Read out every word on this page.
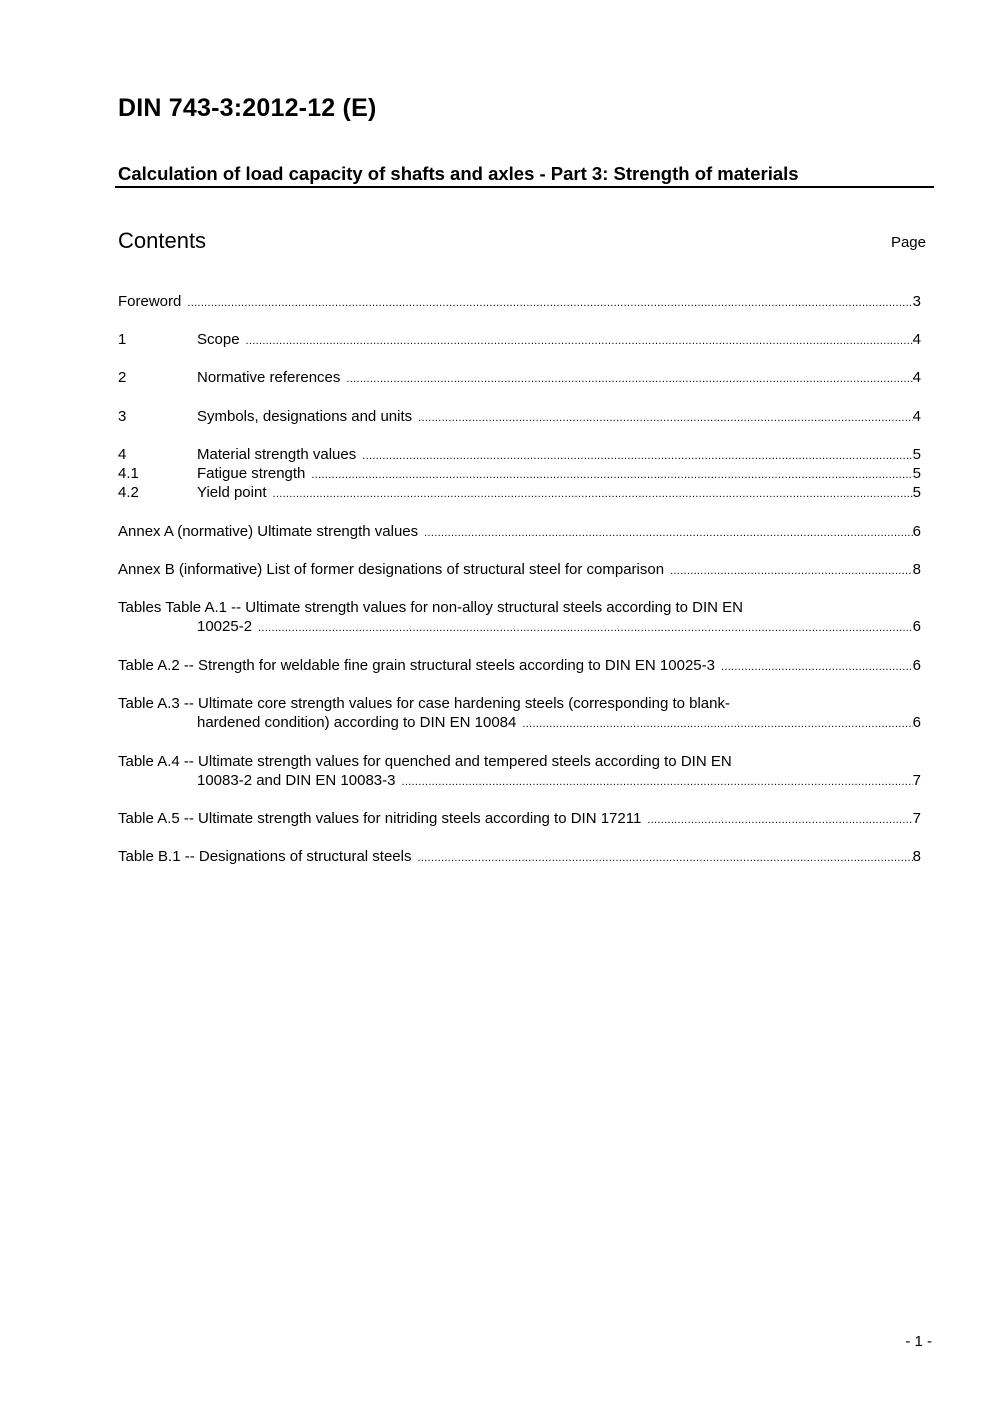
DIN 743-3:2012-12 (E)
Calculation of load capacity of shafts and axles - Part 3: Strength of materials
Contents	Page
Foreword .....	3
1	Scope .....	4
2	Normative references .....	4
3	Symbols, designations and units .....	4
4	Material strength values .....	5
4.1	Fatigue strength .....	5
4.2	Yield point .....	5
Annex A (normative) Ultimate strength values .....	6
Annex B (informative) List of former designations of structural steel for comparison .....	8
Tables Table A.1 -- Ultimate strength values for non-alloy structural steels according to DIN EN
10025-2 .....	6
Table A.2 -- Strength for weldable fine grain structural steels according to DIN EN 10025-3 .....	6
Table A.3 -- Ultimate core strength values for case hardening steels (corresponding to blank-
hardened condition) according to DIN EN 10084 .....	6
Table A.4 -- Ultimate strength values for quenched and tempered steels according to DIN EN
10083-2 and DIN EN 10083-3 .....	7
Table A.5 -- Ultimate strength values for nitriding steels according to DIN 17211 .....	7
Table B.1 -- Designations of structural steels .....	8
- 1 -
